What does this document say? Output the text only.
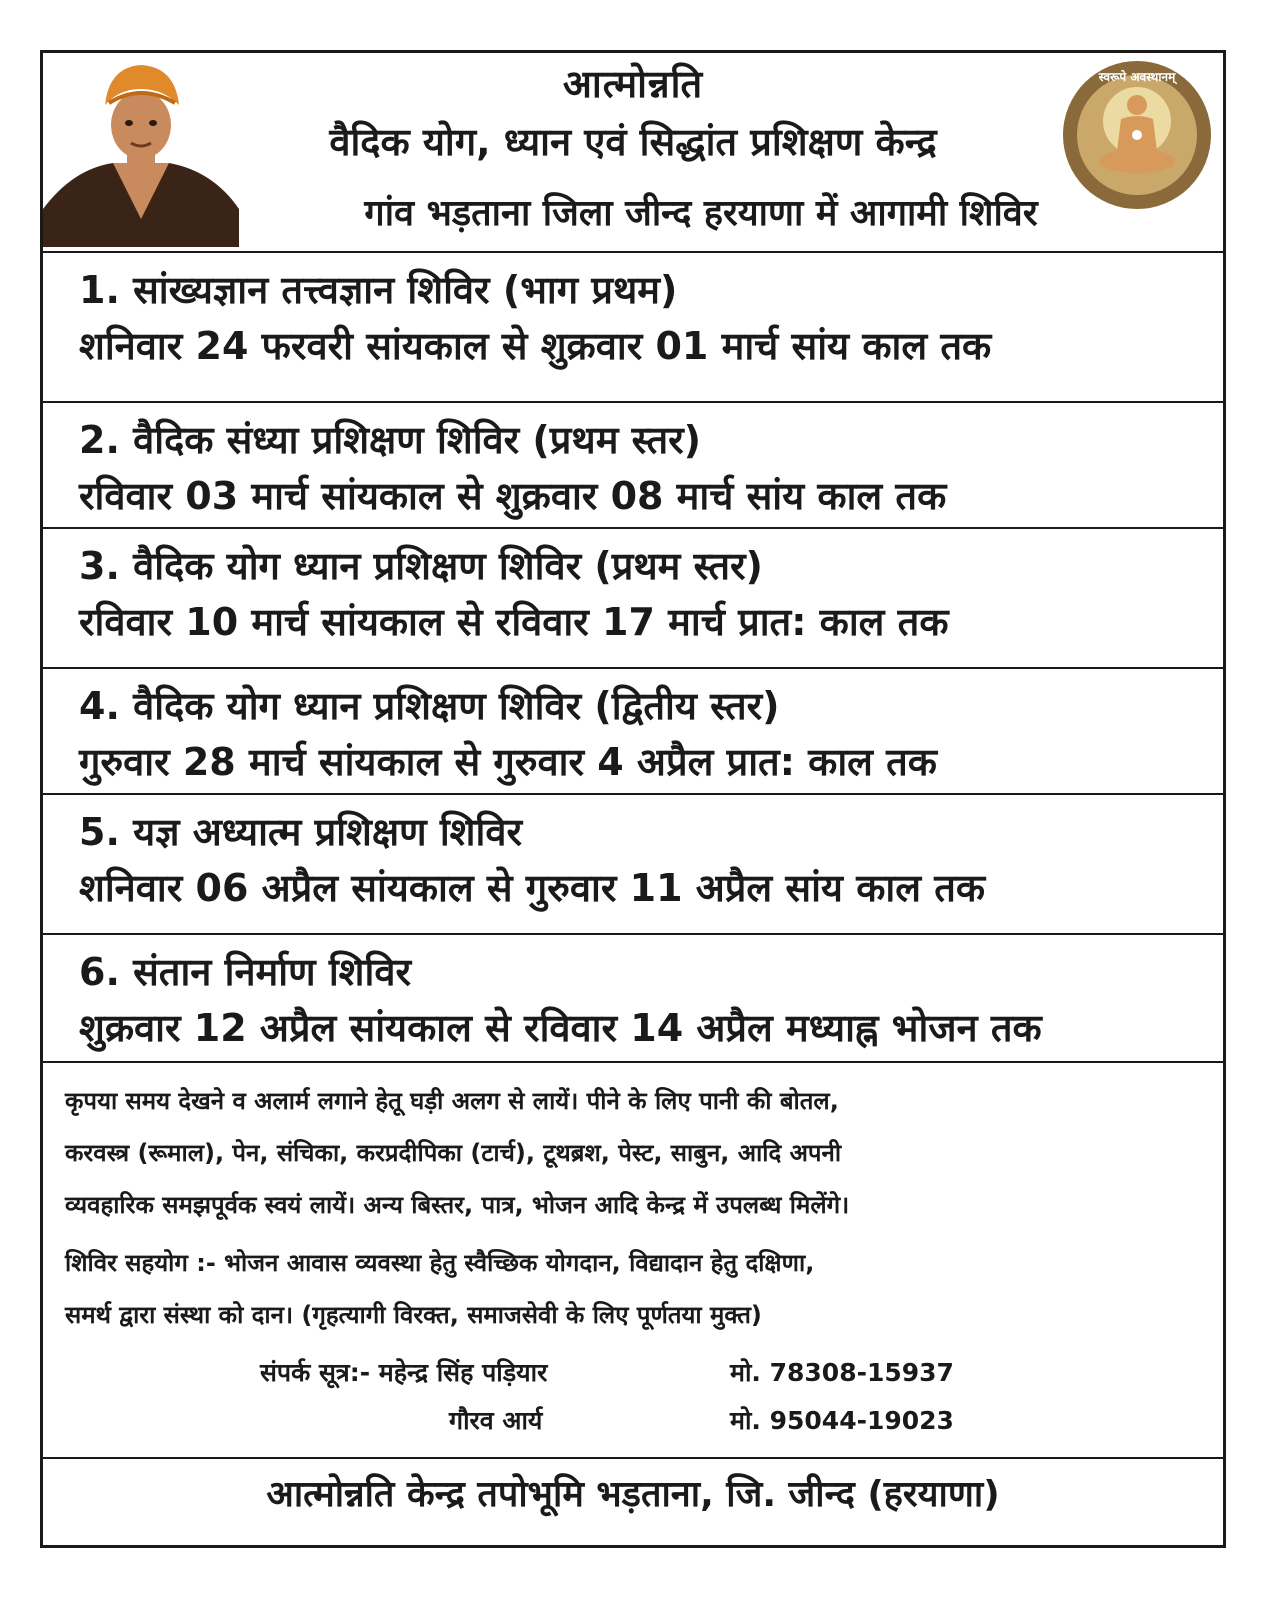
आत्मोन्नति
वैदिक योग, ध्यान एवं सिद्धांत प्रशिक्षण केन्द्र
गांव भड़ताना जिला जीन्द हरयाणा में आगामी शिविर
स्वरूपे अवस्थानम्
1. सांख्यज्ञान तत्त्वज्ञान शिविर (भाग प्रथम)
शनिवार 24 फरवरी सांयकाल से शुक्रवार 01 मार्च सांय काल तक
2. वैदिक संध्या प्रशिक्षण शिविर (प्रथम स्तर)
रविवार 03 मार्च सांयकाल से शुक्रवार 08 मार्च सांय काल तक
3. वैदिक योग ध्यान प्रशिक्षण शिविर (प्रथम स्तर)
रविवार 10 मार्च सांयकाल से रविवार 17 मार्च प्रात: काल तक
4. वैदिक योग ध्यान प्रशिक्षण शिविर (द्वितीय स्तर)
गुरुवार 28 मार्च सांयकाल से गुरुवार 4 अप्रैल प्रात: काल तक
5. यज्ञ अध्यात्म प्रशिक्षण शिविर
शनिवार 06 अप्रैल सांयकाल से गुरुवार 11 अप्रैल सांय काल तक
6. संतान निर्माण शिविर
शुक्रवार 12 अप्रैल सांयकाल से रविवार 14 अप्रैल मध्याह्न भोजन तक

कृपया समय देखने व अलार्म लगाने हेतू घड़ी अलग से लायें। पीने के लिए पानी की बोतल,

करवस्त्र (रूमाल), पेन, संचिका, करप्रदीपिका (टार्च), टूथब्रश, पेस्ट, साबुन, आदि अपनी

व्यवहारिक समझपूर्वक स्वयं लायें। अन्य बिस्तर, पात्र, भोजन आदि केन्द्र में उपलब्ध मिलेंगे।

शिविर सहयोग :- भोजन आवास व्यवस्था हेतु स्वैच्छिक योगदान, विद्यादान हेतु दक्षिणा,

समर्थ द्वारा संस्था को दान। (गृहत्यागी विरक्त, समाजसेवी के लिए पूर्णतया मुक्त)

संपर्क सूत्र:- महेन्द्र सिंह पड़ियार	मो. 78308-15937
गौरव आर्य	मो. 95044-19023
आत्मोन्नति केन्द्र तपोभूमि भड़ताना, जि. जीन्द (हरयाणा)
